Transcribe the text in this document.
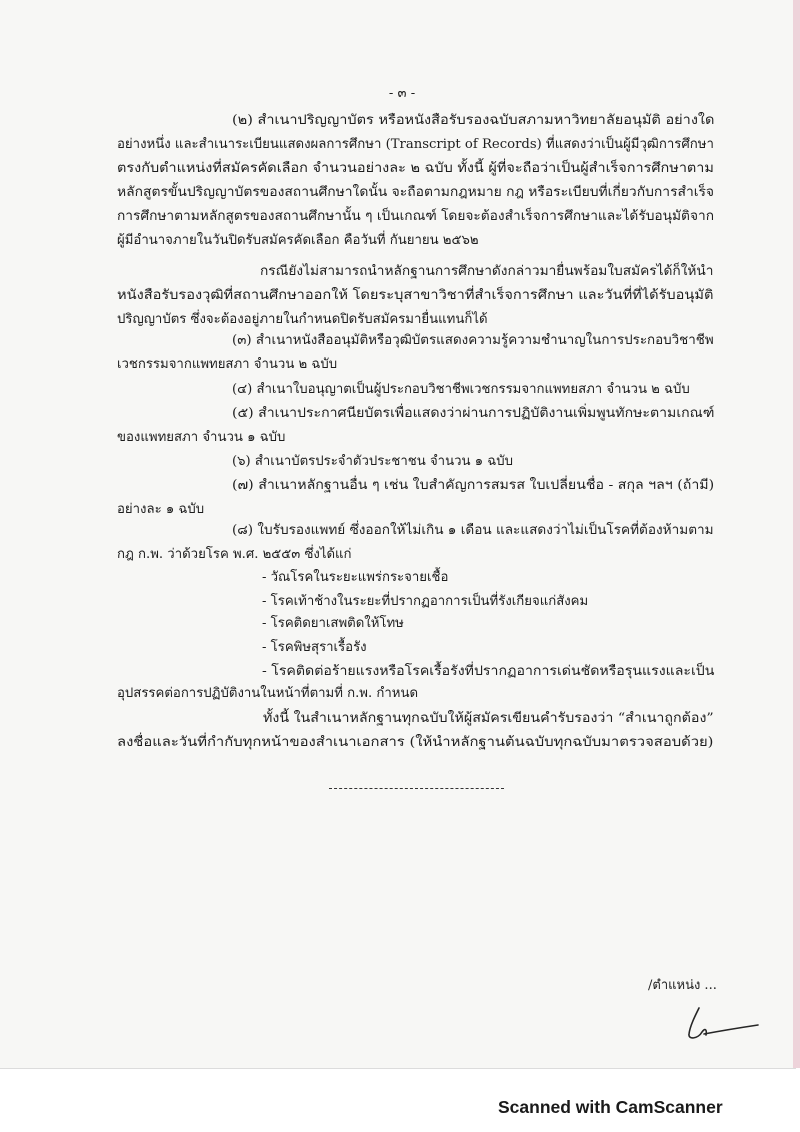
- ๓ -
(๒) สำเนาปริญญาบัตร หรือหนังสือรับรองฉบับสภามหาวิทยาลัยอนุมัติ อย่างใด
อย่างหนึ่ง และสำเนาระเบียนแสดงผลการศึกษา (Transcript of Records) ที่แสดงว่าเป็นผู้มีวุฒิการศึกษา
ตรงกับตำแหน่งที่สมัครคัดเลือก จำนวนอย่างละ ๒ ฉบับ ทั้งนี้ ผู้ที่จะถือว่าเป็นผู้สำเร็จการศึกษาตาม
หลักสูตรขั้นปริญญาบัตรของสถานศึกษาใดนั้น จะถือตามกฎหมาย กฎ หรือระเบียบที่เกี่ยวกับการสำเร็จ
การศึกษาตามหลักสูตรของสถานศึกษานั้น ๆ เป็นเกณฑ์ โดยจะต้องสำเร็จการศึกษาและได้รับอนุมัติจาก
ผู้มีอำนาจภายในวันปิดรับสมัครคัดเลือก คือวันที่ กันยายน ๒๕๖๒
กรณียังไม่สามารถนำหลักฐานการศึกษาดังกล่าวมายื่นพร้อมใบสมัครได้ก็ให้นำ
หนังสือรับรองวุฒิที่สถานศึกษาออกให้ โดยระบุสาขาวิชาที่สำเร็จการศึกษา และวันที่ที่ได้รับอนุมัติ
ปริญญาบัตร ซึ่งจะต้องอยู่ภายในกำหนดปิดรับสมัครมายื่นแทนก็ได้
(๓) สำเนาหนังสืออนุมัติหรือวุฒิบัตรแสดงความรู้ความชำนาญในการประกอบวิชาชีพ
เวชกรรมจากแพทยสภา จำนวน ๒ ฉบับ
(๔) สำเนาใบอนุญาตเป็นผู้ประกอบวิชาชีพเวชกรรมจากแพทยสภา จำนวน ๒ ฉบับ
(๕) สำเนาประกาศนียบัตรเพื่อแสดงว่าผ่านการปฏิบัติงานเพิ่มพูนทักษะตามเกณฑ์
ของแพทยสภา จำนวน ๑ ฉบับ
(๖) สำเนาบัตรประจำตัวประชาชน จำนวน ๑ ฉบับ
(๗) สำเนาหลักฐานอื่น ๆ เช่น ใบสำคัญการสมรส ใบเปลี่ยนชื่อ - สกุล ฯลฯ (ถ้ามี)
อย่างละ ๑ ฉบับ
(๘) ใบรับรองแพทย์ ซึ่งออกให้ไม่เกิน ๑ เดือน และแสดงว่าไม่เป็นโรคที่ต้องห้ามตาม
กฎ ก.พ. ว่าด้วยโรค พ.ศ. ๒๕๕๓ ซึ่งได้แก่
- วัณโรคในระยะแพร่กระจายเชื้อ
- โรคเท้าช้างในระยะที่ปรากฏอาการเป็นที่รังเกียจแก่สังคม
- โรคติดยาเสพติดให้โทษ
- โรคพิษสุราเรื้อรัง
- โรคติดต่อร้ายแรงหรือโรคเรื้อรังที่ปรากฏอาการเด่นชัดหรือรุนแรงและเป็น
อุปสรรคต่อการปฏิบัติงานในหน้าที่ตามที่ ก.พ. กำหนด
ทั้งนี้ ในสำเนาหลักฐานทุกฉบับให้ผู้สมัครเขียนคำรับรองว่า “สำเนาถูกต้อง”
ลงชื่อและวันที่กำกับทุกหน้าของสำเนาเอกสาร (ให้นำหลักฐานต้นฉบับทุกฉบับมาตรวจสอบด้วย)
/ตำแหน่ง ...
Scanned with CamScanner
